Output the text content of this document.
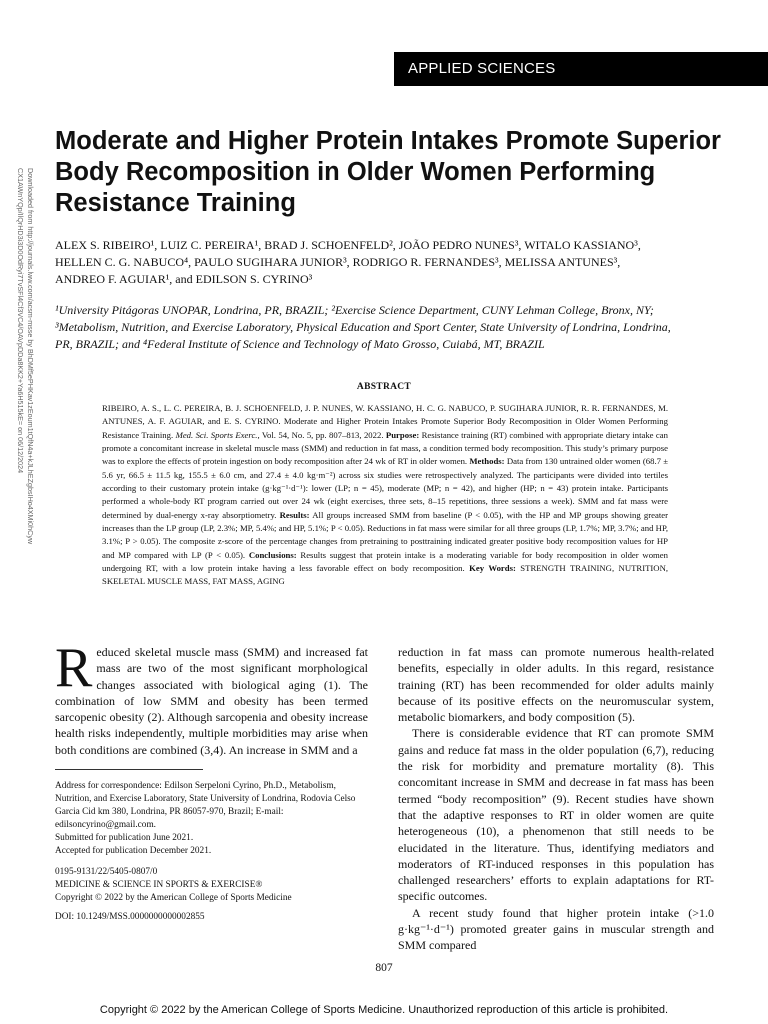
APPLIED SCIENCES
Downloaded from http://journals.lww.com/acsm-msse by BhDMf5ePHKav1zEoum1tQfN4a+kJLhEZgbsIHo4XMi0hCyw CX1AWnYQp/IlQrHD3i3D0OdRyi7TvSFl4Cf3VC4/OAVpDDa8KK2+Ya6H515kE= on 06/12/2024
Moderate and Higher Protein Intakes Promote Superior Body Recomposition in Older Women Performing Resistance Training
ALEX S. RIBEIRO¹, LUIZ C. PEREIRA¹, BRAD J. SCHOENFELD², JOÃO PEDRO NUNES³, WITALO KASSIANO³,
HELLEN C. G. NABUCO⁴, PAULO SUGIHARA JUNIOR³, RODRIGO R. FERNANDES³, MELISSA ANTUNES³,
ANDREO F. AGUIAR¹, and EDILSON S. CYRINO³
¹University Pitágoras UNOPAR, Londrina, PR, BRAZIL; ²Exercise Science Department, CUNY Lehman College, Bronx, NY;
³Metabolism, Nutrition, and Exercise Laboratory, Physical Education and Sport Center, State University of Londrina, Londrina,
PR, BRAZIL; and ⁴Federal Institute of Science and Technology of Mato Grosso, Cuiabá, MT, BRAZIL
ABSTRACT

RIBEIRO, A. S., L. C. PEREIRA, B. J. SCHOENFELD, J. P. NUNES, W. KASSIANO, H. C. G. NABUCO, P. SUGIHARA JUNIOR, R. R. FERNANDES, M. ANTUNES, A. F. AGUIAR, and E. S. CYRINO. Moderate and Higher Protein Intakes Promote Superior Body Recomposition in Older Women Performing Resistance Training. Med. Sci. Sports Exerc., Vol. 54, No. 5, pp. 807–813, 2022. Purpose: Resistance training (RT) combined with appropriate dietary intake can promote a concomitant increase in skeletal muscle mass (SMM) and reduction in fat mass, a condition termed body recomposition. This study’s primary purpose was to explore the effects of protein ingestion on body recomposition after 24 wk of RT in older women. Methods: Data from 130 untrained older women (68.7 ± 5.6 yr, 66.5 ± 11.5 kg, 155.5 ± 6.0 cm, and 27.4 ± 4.0 kg·m⁻²) across six studies were retrospectively analyzed. The participants were divided into tertiles according to their customary protein intake (g·kg⁻¹·d⁻¹): lower (LP; n = 45), moderate (MP; n = 42), and higher (HP; n = 43) protein intake. Participants performed a whole-body RT program carried out over 24 wk (eight exercises, three sets, 8–15 repetitions, three sessions a week). SMM and fat mass were determined by dual-energy x-ray absorptiometry. Results: All groups increased SMM from baseline (P < 0.05), with the HP and MP groups showing greater increases than the LP group (LP, 2.3%; MP, 5.4%; and HP, 5.1%; P < 0.05). Reductions in fat mass were similar for all three groups (LP, 1.7%; MP, 3.7%; and HP, 3.1%; P > 0.05). The composite z-score of the percentage changes from pretraining to posttraining indicated greater positive body recomposition values for HP and MP compared with LP (P < 0.05). Conclusions: Results suggest that protein intake is a moderating variable for body recomposition in older women undergoing RT, with a low protein intake having a less favorable effect on body recomposition. Key Words: STRENGTH TRAINING, NUTRITION, SKELETAL MUSCLE MASS, FAT MASS, AGING

R educed skeletal muscle mass (SMM) and increased fat mass are two of the most significant morphological changes associated with biological aging (1). The combination of low SMM and obesity has been termed sarcopenic obesity (2). Although sarcopenia and obesity increase health risks independently, multiple morbidities may arise when both conditions are combined (3,4). An increase in SMM and a

reduction in fat mass can promote numerous health-related benefits, especially in older adults. In this regard, resistance training (RT) has been recommended for older adults mainly because of its positive effects on the neuromuscular system, metabolic biomarkers, and body composition (5).

There is considerable evidence that RT can promote SMM gains and reduce fat mass in the older population (6,7), reducing the risk for morbidity and premature mortality (8). This concomitant increase in SMM and decrease in fat mass has been termed “body recomposition” (9). Recent studies have shown that the adaptive responses to RT in older women are quite heterogeneous (10), a phenomenon that still needs to be elucidated in the literature. Thus, identifying mediators and moderators of RT-induced responses in this population has challenged researchers’ efforts to explain adaptations for RT-specific outcomes.

A recent study found that higher protein intake (>1.0 g·kg⁻¹·d⁻¹) promoted greater gains in muscular strength and SMM compared

Address for correspondence: Edilson Serpeloni Cyrino, Ph.D., Metabolism, Nutrition, and Exercise Laboratory, State University of Londrina, Rodovia Celso Garcia Cid km 380, Londrina, PR 86057-970, Brazil; E-mail: edilsoncyrino@gmail.com.

Submitted for publication June 2021.

Accepted for publication December 2021.

0195-9131/22/5405-0807/0

MEDICINE & SCIENCE IN SPORTS & EXERCISE®

Copyright © 2022 by the American College of Sports Medicine

DOI: 10.1249/MSS.0000000000002855
807
Copyright © 2022 by the American College of Sports Medicine. Unauthorized reproduction of this article is prohibited.
